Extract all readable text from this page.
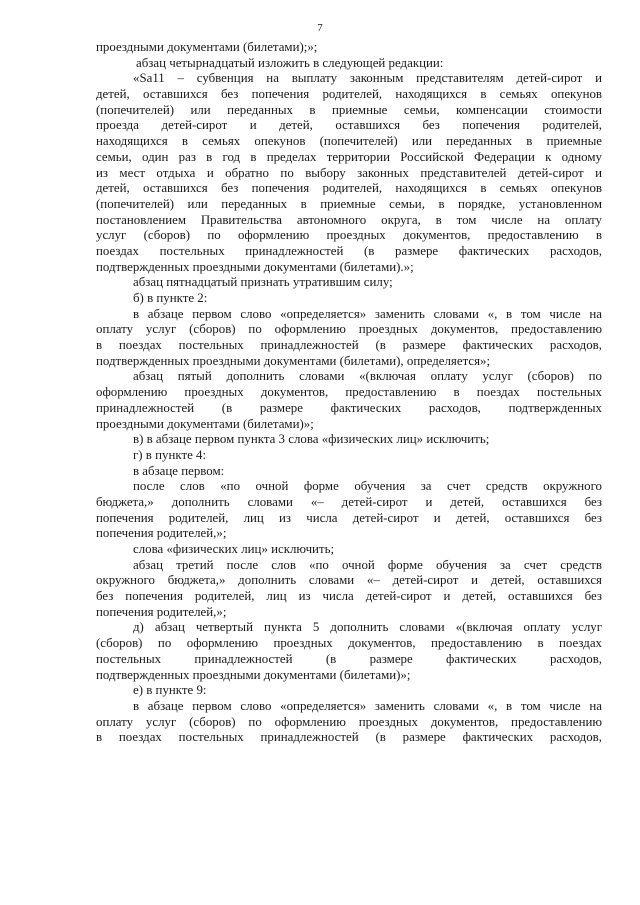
7
проездными документами (билетами);»;
абзац четырнадцатый изложить в следующей редакции:
«Sa11 – субвенция на выплату законным представителям детей-сирот и
детей, оставшихся без попечения родителей, находящихся в семьях опекунов
(попечителей) или переданных в приемные семьи, компенсации стоимости
проезда детей-сирот и детей, оставшихся без попечения родителей,
находящихся в семьях опекунов (попечителей) или переданных в приемные
семьи, один раз в год в пределах территории Российской Федерации к одному
из мест отдыха и обратно по выбору законных представителей детей-сирот и
детей, оставшихся без попечения родителей, находящихся в семьях опекунов
(попечителей) или переданных в приемные семьи, в порядке, установленном
постановлением Правительства автономного округа, в том числе на оплату
услуг (сборов) по оформлению проездных документов, предоставлению в
поездах постельных принадлежностей (в размере фактических расходов,
подтвержденных проездными документами (билетами).»;
абзац пятнадцатый признать утратившим силу;
б) в пункте 2:
в абзаце первом слово «определяется» заменить словами «, в том числе на
оплату услуг (сборов) по оформлению проездных документов, предоставлению
в поездах постельных принадлежностей (в размере фактических расходов,
подтвержденных проездными документами (билетами), определяется»;
абзац пятый дополнить словами «(включая оплату услуг (сборов) по
оформлению проездных документов, предоставлению в поездах постельных
принадлежностей (в размере фактических расходов, подтвержденных
проездными документами (билетами)»;
в) в абзаце первом пункта 3 слова «физических лиц» исключить;
г) в пункте 4:
в абзаце первом:
после слов «по очной форме обучения за счет средств окружного
бюджета,» дополнить словами «– детей-сирот и детей, оставшихся без
попечения родителей, лиц из числа детей-сирот и детей, оставшихся без
попечения родителей,»;
слова «физических лиц» исключить;
абзац третий после слов «по очной форме обучения за счет средств
окружного бюджета,» дополнить словами «– детей-сирот и детей, оставшихся
без попечения родителей, лиц из числа детей-сирот и детей, оставшихся без
попечения родителей,»;
д) абзац четвертый пункта 5 дополнить словами «(включая оплату услуг
(сборов) по оформлению проездных документов, предоставлению в поездах
постельных принадлежностей (в размере фактических расходов,
подтвержденных проездными документами (билетами)»;
е) в пункте 9:
в абзаце первом слово «определяется» заменить словами «, в том числе на
оплату услуг (сборов) по оформлению проездных документов, предоставлению
в поездах постельных принадлежностей (в размере фактических расходов,
